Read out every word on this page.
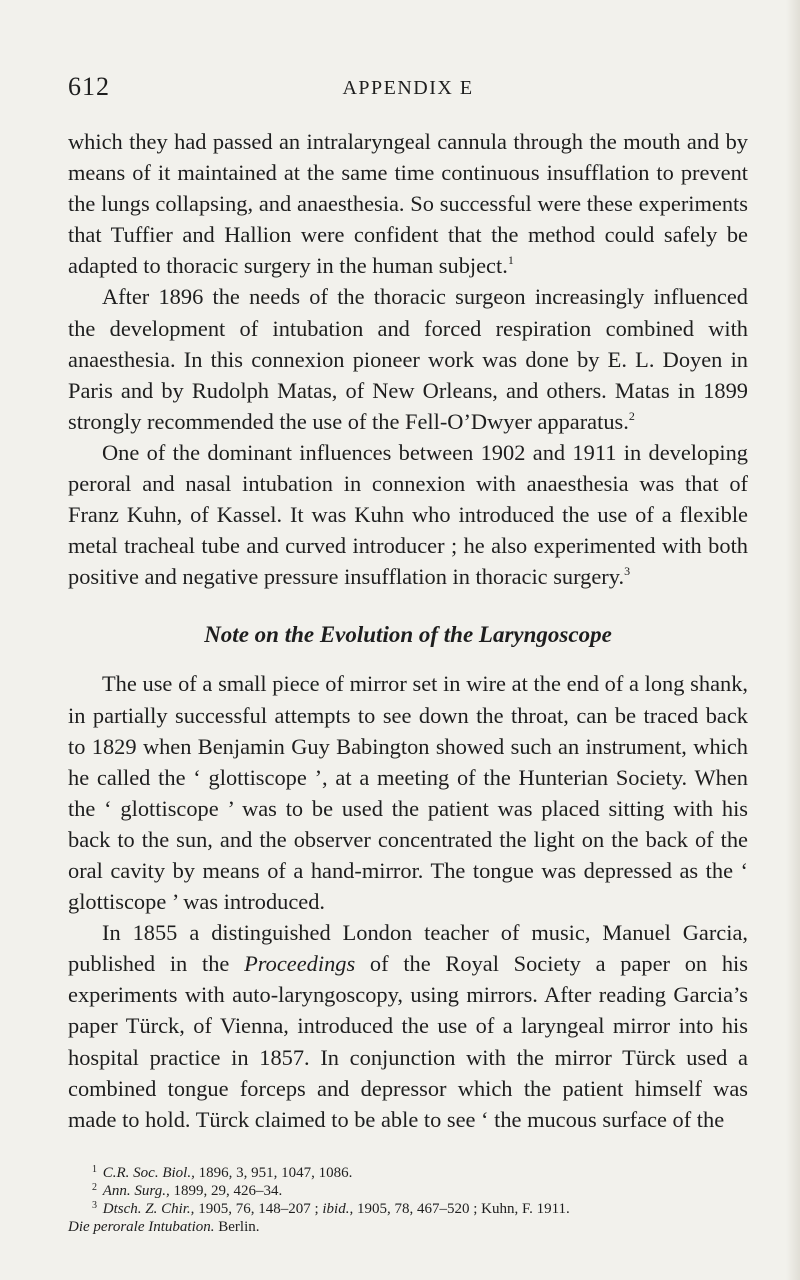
612	APPENDIX E

which they had passed an intralaryngeal cannula through the mouth and by means of it maintained at the same time continuous insufflation to prevent the lungs collapsing, and anaesthesia. So successful were these experiments that Tuffier and Hallion were confident that the method could safely be adapted to thoracic surgery in the human subject.$^1$

After 1896 the needs of the thoracic surgeon increasingly influenced the development of intubation and forced respiration combined with anaesthesia. In this connexion pioneer work was done by E. L. Doyen in Paris and by Rudolph Matas, of New Orleans, and others. Matas in 1899 strongly recommended the use of the Fell-O’Dwyer apparatus.$^2$

One of the dominant influences between 1902 and 1911 in developing peroral and nasal intubation in connexion with anaesthesia was that of Franz Kuhn, of Kassel. It was Kuhn who introduced the use of a flexible metal tracheal tube and curved introducer ; he also experimented with both positive and negative pressure insufflation in thoracic surgery.$^3$

Note on the Evolution of the Laryngoscope

The use of a small piece of mirror set in wire at the end of a long shank, in partially successful attempts to see down the throat, can be traced back to 1829 when Benjamin Guy Babington showed such an instrument, which he called the ‘ glottiscope ’, at a meeting of the Hunterian Society. When the ‘ glottiscope ’ was to be used the patient was placed sitting with his back to the sun, and the observer concentrated the light on the back of the oral cavity by means of a hand-mirror. The tongue was depressed as the ‘ glottiscope ’ was introduced.

In 1855 a distinguished London teacher of music, Manuel Garcia, published in the Proceedings of the Royal Society a paper on his experiments with auto-laryngoscopy, using mirrors. After reading Garcia’s paper Türck, of Vienna, introduced the use of a laryngeal mirror into his hospital practice in 1857. In conjunction with the mirror Türck used a combined tongue forceps and depressor which the patient himself was made to hold. Türck claimed to be able to see ‘ the mucous surface of the

$^1$ C.R. Soc. Biol., 1896, 3, 951, 1047, 1086.

$^2$ Ann. Surg., 1899, 29, 426–34.

$^3$ Dtsch. Z. Chir., 1905, 76, 148–207 ; ibid., 1905, 78, 467–520 ; Kuhn, F. 1911.

Die perorale Intubation. Berlin.
